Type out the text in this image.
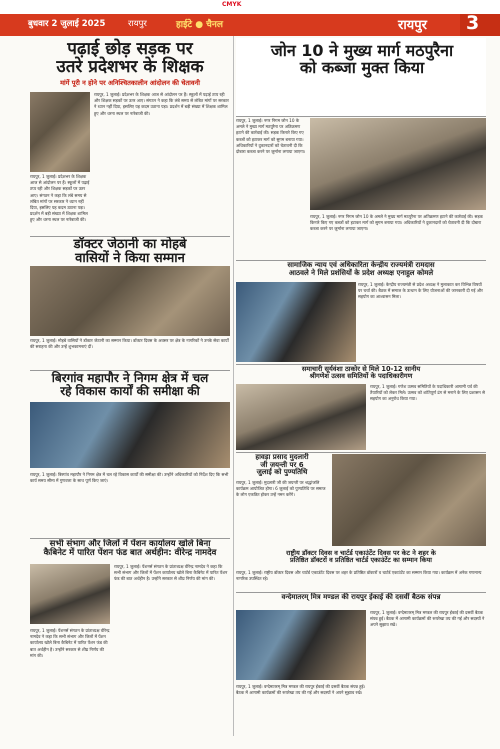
CMYK
बुधवार 2 जुलाई 2025	रायपुर	हाईटे ● चैनल	रायपुर 3
पढ़ाई छोड़ सड़क पर
उतरे प्रदेशभर के शिक्षक
मांगें पूरी न होने पर अनिश्चितकालीन आंदोलन की चेतावनी
रायपुर, 1 जुलाई। प्रदेशभर के शिक्षक आज से आंदोलन पर हैं। स्कूलों में पढ़ाई ठप्प रही और शिक्षक सड़कों पर उतर आए। संगठन ने कहा कि लंबे समय से लंबित मांगों पर सरकार ने ध्यान नहीं दिया, इसलिए यह कदम उठाना पड़ा। प्रदर्शन में बड़ी संख्या में शिक्षक शामिल हुए और धरना स्थल पर नारेबाजी की।
रायपुर, 1 जुलाई। प्रदेशभर के शिक्षक आज से आंदोलन पर हैं। स्कूलों में पढ़ाई ठप्प रही और शिक्षक सड़कों पर उतर आए। संगठन ने कहा कि लंबे समय से लंबित मांगों पर सरकार ने ध्यान नहीं दिया, इसलिए यह कदम उठाना पड़ा। प्रदर्शन में बड़ी संख्या में शिक्षक शामिल हुए और धरना स्थल पर नारेबाजी की।
जोन 10 ने मुख्य मार्ग मठपुरैना
को कब्जा मुक्त किया
रायपुर, 1 जुलाई। नगर निगम जोन 10 के अमले ने मुख्य मार्ग मठपुरैना पर अतिक्रमण हटाने की कार्रवाई की। सड़क किनारे किए गए कब्जों को हटाकर मार्ग को सुगम बनाया गया। अधिकारियों ने दुकानदारों को चेतावनी दी कि दोबारा कब्जा करने पर जुर्माना लगाया जाएगा।
रायपुर, 1 जुलाई। नगर निगम जोन 10 के अमले ने मुख्य मार्ग मठपुरैना पर अतिक्रमण हटाने की कार्रवाई की। सड़क किनारे किए गए कब्जों को हटाकर मार्ग को सुगम बनाया गया। अधिकारियों ने दुकानदारों को चेतावनी दी कि दोबारा कब्जा करने पर जुर्माना लगाया जाएगा।
डॉक्टर जेठानी का मोहबे
वासियों ने किया सम्मान
रायपुर, 1 जुलाई। मोहबे वासियों ने डॉक्टर जेठानी का सम्मान किया। डॉक्टर दिवस के अवसर पर क्षेत्र के नागरिकों ने उनके सेवा कार्यों की सराहना की और उन्हें शुभकामनाएं दीं।
सामाजिक न्याय एवं अधिकारिता केन्द्रीय राज्यमंत्री रामदास
आठवले ने मिले प्रशंसियों के प्रदेश अध्यक्ष एनाहुल कोमले
रायपुर, 1 जुलाई। केन्द्रीय राज्यमंत्री से प्रदेश अध्यक्ष ने मुलाकात कर विभिन्न विषयों पर चर्चा की। बैठक में समाज के उत्थान के लिए योजनाओं की जानकारी दी गई और सहयोग का आश्वासन मिला।
समाचारी सूर्यवंशा ठाकोर से मिले 10-12 सानीय
श्रीगणेश उत्सव समितियों के पदाधिकारीगण
रायपुर, 1 जुलाई। गणेश उत्सव समितियों के पदाधिकारी आगामी पर्व की तैयारियों को लेकर मिले। उत्सव को शांतिपूर्ण ढंग से मनाने के लिए प्रशासन से सहयोग का अनुरोध किया गया।
बिरगांव महापौर ने निगम क्षेत्र में चल
रहे विकास कार्यों की समीक्षा की
रायपुर, 1 जुलाई। बिरगांव महापौर ने निगम क्षेत्र में चल रहे विकास कार्यों की समीक्षा की। उन्होंने अधिकारियों को निर्देश दिए कि सभी कार्य समय सीमा में गुणवत्ता के साथ पूर्ण किए जाएं।
हावड़ा प्रसाद मुदलारी
जी जयन्ती पर 6
जुलाई को पुण्यतिथि
रायपुर, 1 जुलाई। मुदलारी जी की जयन्ती पर श्रद्धांजलि कार्यक्रम आयोजित होगा। 6 जुलाई को पुण्यतिथि पर समाज के लोग एकत्रित होकर उन्हें नमन करेंगे।
राष्ट्रीय डॉक्टर दिवस व चार्टर्ड एकाउंटेंट दिवस पर केट ने शहर के
प्रतिष्ठित डॉक्टरों व प्रतिष्ठित चार्टर्ड एकाउंटेंट का सम्मान किया
रायपुर, 1 जुलाई। राष्ट्रीय डॉक्टर दिवस और चार्टर्ड एकाउंटेंट दिवस पर शहर के प्रतिष्ठित डॉक्टरों व चार्टर्ड एकाउंटेंट का सम्मान किया गया। कार्यक्रम में अनेक गणमान्य नागरिक उपस्थित रहे।
सभी संभाग और जिलों में पेंशन कार्यालय खोले बिना
कैबिनेट में पारित पेंशन फंड बात अर्थहीन: वीरेन्द्र नामदेव
रायपुर, 1 जुलाई। पेंशनर्स संगठन के प्रांताध्यक्ष वीरेन्द्र नामदेव ने कहा कि सभी संभाग और जिलों में पेंशन कार्यालय खोले बिना कैबिनेट में पारित पेंशन फंड की बात अर्थहीन है। उन्होंने सरकार से शीघ्र निर्णय की मांग की।
रायपुर, 1 जुलाई। पेंशनर्स संगठन के प्रांताध्यक्ष वीरेन्द्र नामदेव ने कहा कि सभी संभाग और जिलों में पेंशन कार्यालय खोले बिना कैबिनेट में पारित पेंशन फंड की बात अर्थहीन है। उन्होंने सरकार से शीघ्र निर्णय की मांग की।
वन्देमातरम् मित्र मण्डल की रायपुर ईकाई की दसवीं बैठक संपन्न
रायपुर, 1 जुलाई। वन्देमातरम् मित्र मण्डल की रायपुर ईकाई की दसवीं बैठक संपन्न हुई। बैठक में आगामी कार्यक्रमों की रूपरेखा तय की गई और सदस्यों ने अपने सुझाव रखे।
रायपुर, 1 जुलाई। वन्देमातरम् मित्र मण्डल की रायपुर ईकाई की दसवीं बैठक संपन्न हुई। बैठक में आगामी कार्यक्रमों की रूपरेखा तय की गई और सदस्यों ने अपने सुझाव रखे।
